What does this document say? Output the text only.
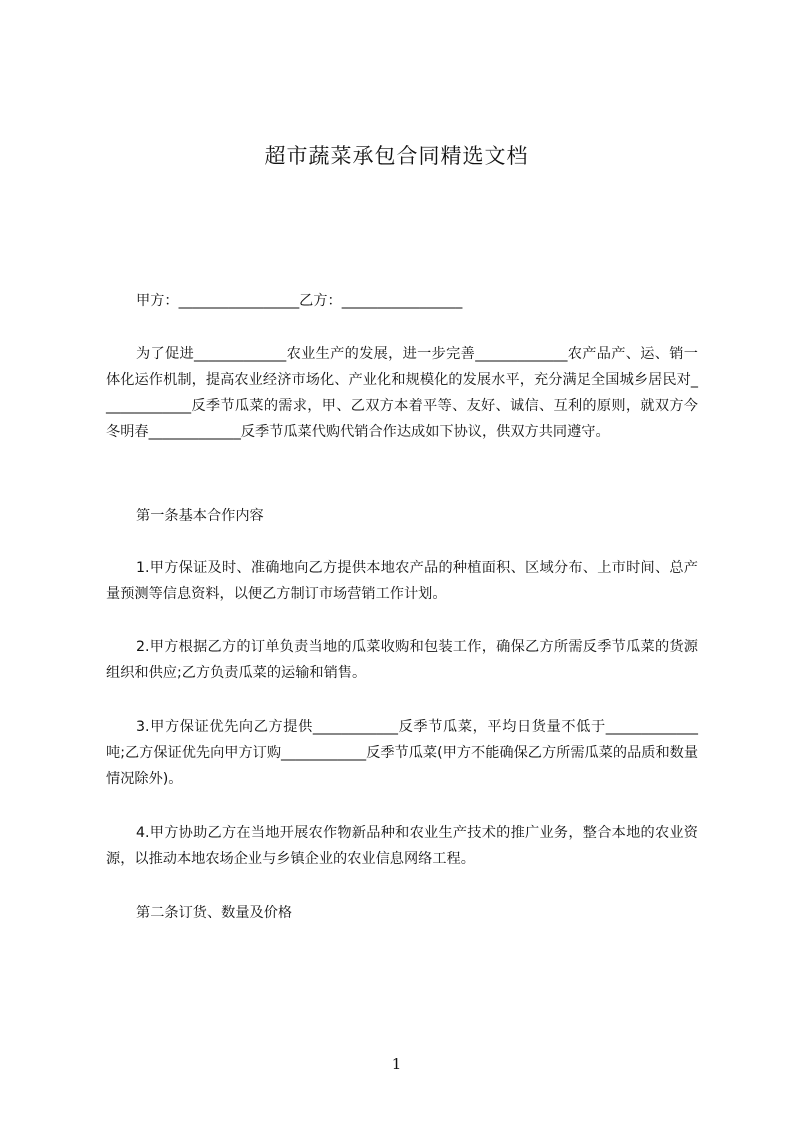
超市蔬菜承包合同精选文档

甲方：_________________乙方：_________________

为了促进_____________农业生产的发展，进一步完善_____________农产品产、运、销一体化运作机制，提高农业经济市场化、产业化和规模化的发展水平，充分满足全国城乡居民对_____________反季节瓜菜的需求，甲、乙双方本着平等、友好、诚信、互利的原则，就双方今冬明春_____________反季节瓜菜代购代销合作达成如下协议，供双方共同遵守。

第一条基本合作内容

1.甲方保证及时、准确地向乙方提供本地农产品的种植面积、区域分布、上市时间、总产量预测等信息资料，以便乙方制订市场营销工作计划。

2.甲方根据乙方的订单负责当地的瓜菜收购和包装工作，确保乙方所需反季节瓜菜的货源组织和供应;乙方负责瓜菜的运输和销售。

3.甲方保证优先向乙方提供____________反季节瓜菜，平均日货量不低于_____________吨;乙方保证优先向甲方订购____________反季节瓜菜(甲方不能确保乙方所需瓜菜的品质和数量情况除外)。

4.甲方协助乙方在当地开展农作物新品种和农业生产技术的推广业务，整合本地的农业资源，以推动本地农场企业与乡镇企业的农业信息网络工程。

第二条订货、数量及价格

1
